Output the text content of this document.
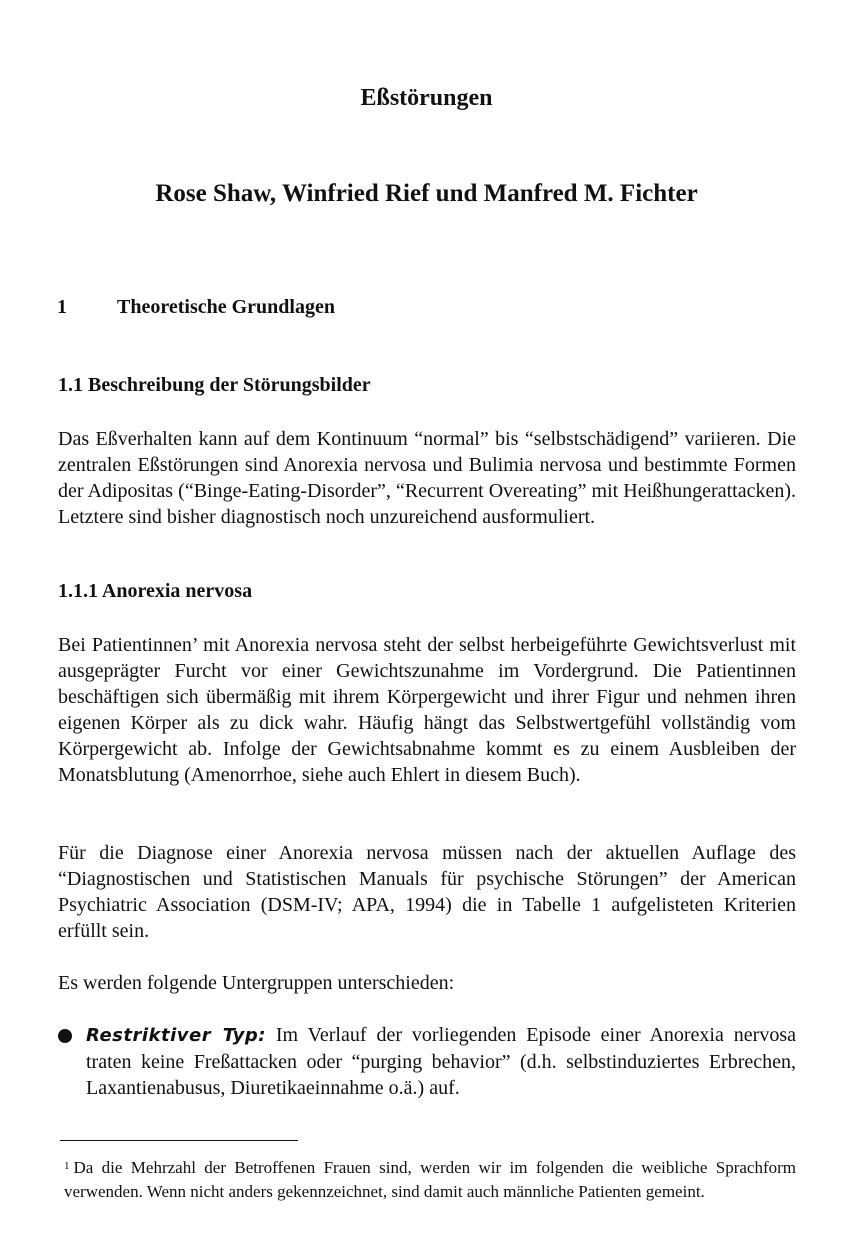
Eßstörungen
Rose Shaw, Winfried Rief und Manfred M. Fichter
1	Theoretische Grundlagen
1.1 Beschreibung der Störungsbilder
Das Eßverhalten kann auf dem Kontinuum “normal” bis “selbstschädigend” variieren. Die zentralen Eßstörungen sind Anorexia nervosa und Bulimia nervosa und bestimmte Formen der Adipositas (“Binge-Eating-Disorder”, “Recurrent Overeating” mit Heißhungerattacken). Letztere sind bisher diagnostisch noch unzureichend ausformuliert.
1.1.1 Anorexia nervosa
Bei Patientinnen’ mit Anorexia nervosa steht der selbst herbeigeführte Gewichtsverlust mit ausgeprägter Furcht vor einer Gewichtszunahme im Vordergrund. Die Patientinnen beschäftigen sich übermäßig mit ihrem Körpergewicht und ihrer Figur und nehmen ihren eigenen Körper als zu dick wahr. Häufig hängt das Selbstwertgefühl vollständig vom Körpergewicht ab. Infolge der Gewichtsabnahme kommt es zu einem Ausbleiben der Monatsblutung (Amenorrhoe, siehe auch Ehlert in diesem Buch).
Für die Diagnose einer Anorexia nervosa müssen nach der aktuellen Auflage des “Diagnostischen und Statistischen Manuals für psychische Störungen” der American Psychiatric Association (DSM-IV; APA, 1994) die in Tabelle 1 aufgelisteten Kriterien erfüllt sein.
Es werden folgende Untergruppen unterschieden:
Restriktiver Typ: Im Verlauf der vorliegenden Episode einer Anorexia nervosa traten keine Freßattacken oder “purging behavior” (d.h. selbstinduziertes Erbrechen, Laxantienabusus, Diuretikaeinnahme o.ä.) auf.
$^1$ Da die Mehrzahl der Betroffenen Frauen sind, werden wir im folgenden die weibliche Sprachform verwenden. Wenn nicht anders gekennzeichnet, sind damit auch männliche Patienten gemeint.
